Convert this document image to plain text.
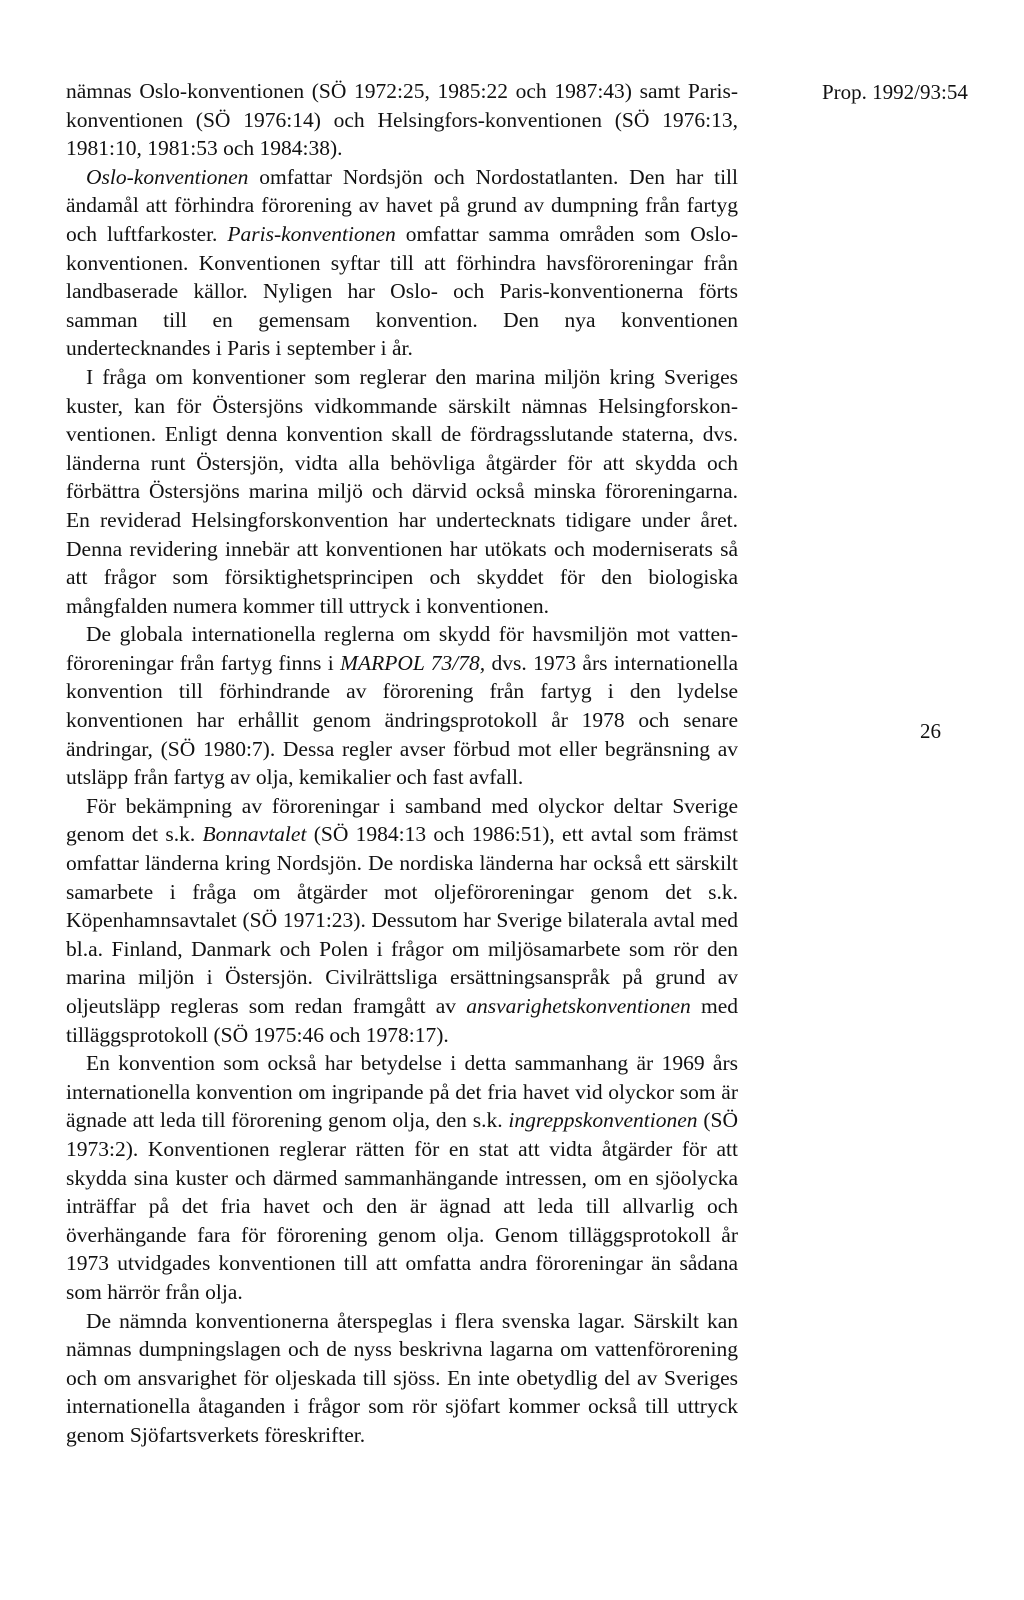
Prop. 1992/93:54

nämnas Oslo-konventionen (SÖ 1972:25, 1985:22 och 1987:43) samt Paris-konventionen (SÖ 1976:14) och Helsingfors-konventionen (SÖ 1976:13, 1981:10, 1981:53 och 1984:38).

Oslo-konventionen omfattar Nordsjön och Nordostatlanten. Den har till ändamål att förhindra förorening av havet på grund av dumpning från fartyg och luftfarkoster. Paris-konventionen omfattar samma områden som Oslo-konventionen. Konventionen syftar till att förhindra havsföroreningar från landbaserade källor. Nyligen har Oslo- och Paris-konventionerna förts samman till en gemensam konvention. Den nya konventionen undertecknandes i Paris i september i år.

I fråga om konventioner som reglerar den marina miljön kring Sveriges kuster, kan för Östersjöns vidkommande särskilt nämnas Helsingforskon-ventionen. Enligt denna konvention skall de fördragsslutande staterna, dvs. länderna runt Östersjön, vidta alla behövliga åtgärder för att skydda och förbättra Östersjöns marina miljö och därvid också minska föroreningarna. En reviderad Helsingforskonvention har undertecknats tidigare under året. Denna revidering innebär att konventionen har utökats och moderniserats så att frågor som försiktighetsprincipen och skyddet för den biologiska mångfalden numera kommer till uttryck i konventionen.

De globala internationella reglerna om skydd för havsmiljön mot vatten-föroreningar från fartyg finns i MARPOL 73/78, dvs. 1973 års internationella konvention till förhindrande av förorening från fartyg i den lydelse konventionen har erhållit genom ändringsprotokoll år 1978 och senare ändringar, (SÖ 1980:7). Dessa regler avser förbud mot eller begränsning av utsläpp från fartyg av olja, kemikalier och fast avfall.

För bekämpning av föroreningar i samband med olyckor deltar Sverige genom det s.k. Bonnavtalet (SÖ 1984:13 och 1986:51), ett avtal som främst omfattar länderna kring Nordsjön. De nordiska länderna har också ett särskilt samarbete i fråga om åtgärder mot oljeföroreningar genom det s.k. Köpenhamnsavtalet (SÖ 1971:23). Dessutom har Sverige bilaterala avtal med bl.a. Finland, Danmark och Polen i frågor om miljösamarbete som rör den marina miljön i Östersjön. Civilrättsliga ersättningsanspråk på grund av oljeutsläpp regleras som redan framgått av ansvarighetskonventionen med tilläggsprotokoll (SÖ 1975:46 och 1978:17).

En konvention som också har betydelse i detta sammanhang är 1969 års internationella konvention om ingripande på det fria havet vid olyckor som är ägnade att leda till förorening genom olja, den s.k. ingreppskonventionen (SÖ 1973:2). Konventionen reglerar rätten för en stat att vidta åtgärder för att skydda sina kuster och därmed sammanhängande intressen, om en sjöolycka inträffar på det fria havet och den är ägnad att leda till allvarlig och överhängande fara för förorening genom olja. Genom tilläggsprotokoll år 1973 utvidgades konventionen till att omfatta andra föroreningar än sådana som härrör från olja.

De nämnda konventionerna återspeglas i flera svenska lagar. Särskilt kan nämnas dumpningslagen och de nyss beskrivna lagarna om vattenförorening och om ansvarighet för oljeskada till sjöss. En inte obetydlig del av Sveriges internationella åtaganden i frågor som rör sjöfart kommer också till uttryck genom Sjöfartsverkets föreskrifter.

26
